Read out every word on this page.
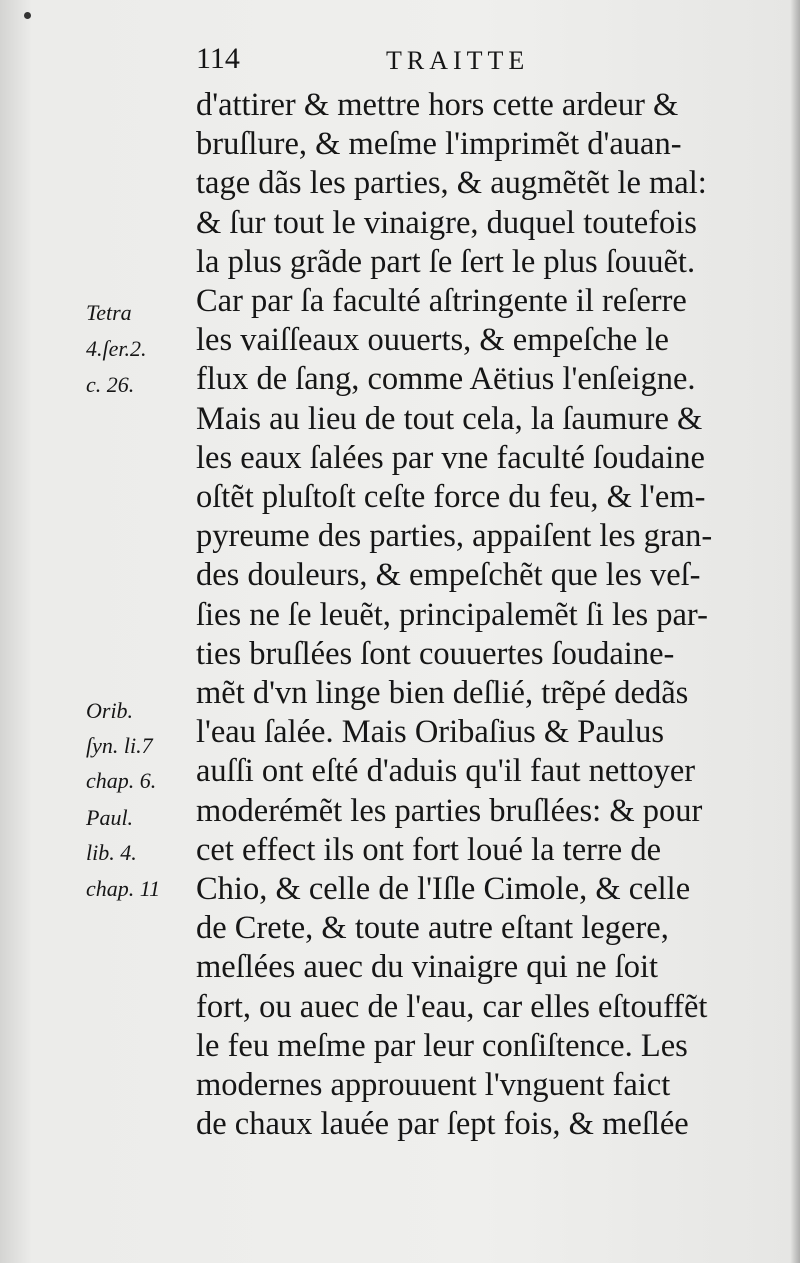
114	TRAITTE
Tetra
4.ſer.2.
c. 26.
Orib.
ſyn. li.7
chap. 6.
Paul.
lib. 4.
chap. 11
d'attirer & mettre hors cette ardeur &
bruſlure, & meſme l'imprimẽt d'auan-
tage dãs les parties, & augmẽtẽt le mal:
& ſur tout le vinaigre, duquel toutefois
la plus grãde part ſe ſert le plus ſouuẽt.
Car par ſa faculté aſtringente il reſerre
les vaiſſeaux ouuerts, & empeſche le
flux de ſang, comme Aëtius l'enſeigne.
Mais au lieu de tout cela, la ſaumure &
les eaux ſalées par vne faculté ſoudaine
oſtẽt pluſtoſt ceſte force du feu, & l'em-
pyreume des parties, appaiſent les gran-
des douleurs, & empeſchẽt que les veſ-
ſies ne ſe leuẽt, principalemẽt ſi les par-
ties bruſlées ſont couuertes ſoudaine-
mẽt d'vn linge bien deſlié, trẽpé dedãs
l'eau ſalée. Mais Oribaſius & Paulus
auſſi ont eſté d'aduis qu'il faut nettoyer
moderémẽt les parties bruſlées: & pour
cet effect ils ont fort loué la terre de
Chio, & celle de l'Iſle Cimole, & celle
de Crete, & toute autre eſtant legere,
meſlées auec du vinaigre qui ne ſoit
fort, ou auec de l'eau, car elles eſtouffẽt
le feu meſme par leur conſiſtence. Les
modernes approuuent l'vnguent faict
de chaux lauée par ſept fois, & meſlée
